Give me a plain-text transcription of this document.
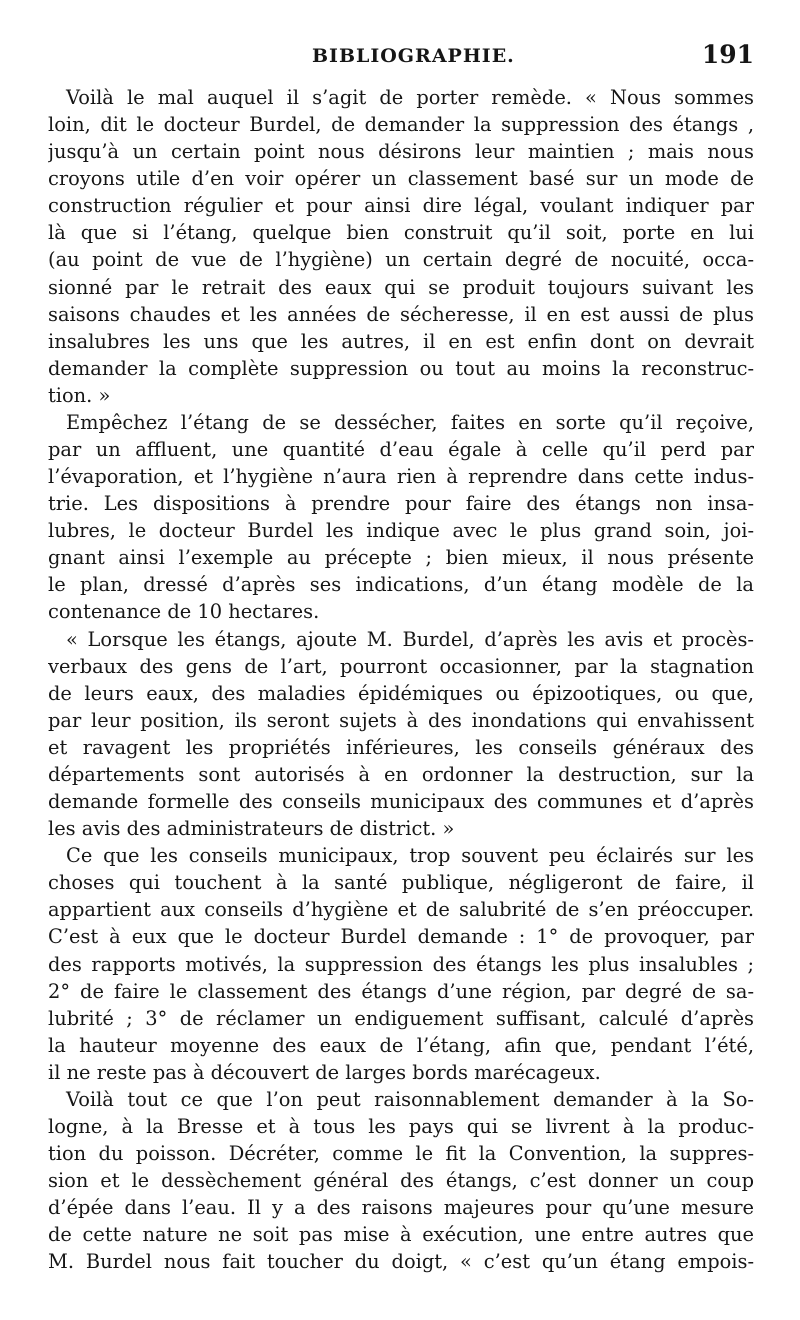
BIBLIOGRAPHIE.	191
Voilà le mal auquel il s’agit de porter remède. « Nous sommes
loin, dit le docteur Burdel, de demander la suppression des étangs ,
jusqu’à un certain point nous désirons leur maintien ; mais nous
croyons utile d’en voir opérer un classement basé sur un mode de
construction régulier et pour ainsi dire légal, voulant indiquer par
là que si l’étang, quelque bien construit qu’il soit, porte en lui
(au point de vue de l’hygiène) un certain degré de nocuité, occa-
sionné par le retrait des eaux qui se produit toujours suivant les
saisons chaudes et les années de sécheresse, il en est aussi de plus
insalubres les uns que les autres, il en est enfin dont on devrait
demander la complète suppression ou tout au moins la reconstruc-
tion. »
Empêchez l’étang de se dessécher, faites en sorte qu’il reçoive,
par un affluent, une quantité d’eau égale à celle qu’il perd par
l’évaporation, et l’hygiène n’aura rien à reprendre dans cette indus-
trie. Les dispositions à prendre pour faire des étangs non insa-
lubres, le docteur Burdel les indique avec le plus grand soin, joi-
gnant ainsi l’exemple au précepte ; bien mieux, il nous présente
le plan, dressé d’après ses indications, d’un étang modèle de la
contenance de 10 hectares.
« Lorsque les étangs, ajoute M. Burdel, d’après les avis et procès-
verbaux des gens de l’art, pourront occasionner, par la stagnation
de leurs eaux, des maladies épidémiques ou épizootiques, ou que,
par leur position, ils seront sujets à des inondations qui envahissent
et ravagent les propriétés inférieures, les conseils généraux des
départements sont autorisés à en ordonner la destruction, sur la
demande formelle des conseils municipaux des communes et d’après
les avis des administrateurs de district. »
Ce que les conseils municipaux, trop souvent peu éclairés sur les
choses qui touchent à la santé publique, négligeront de faire, il
appartient aux conseils d’hygiène et de salubrité de s’en préoccuper.
C’est à eux que le docteur Burdel demande : 1° de provoquer, par
des rapports motivés, la suppression des étangs les plus insalubles ;
2° de faire le classement des étangs d’une région, par degré de sa-
lubrité ; 3° de réclamer un endiguement suffisant, calculé d’après
la hauteur moyenne des eaux de l’étang, afin que, pendant l’été,
il ne reste pas à découvert de larges bords marécageux.
Voilà tout ce que l’on peut raisonnablement demander à la So-
logne, à la Bresse et à tous les pays qui se livrent à la produc-
tion du poisson. Décréter, comme le fit la Convention, la suppres-
sion et le dessèchement général des étangs, c’est donner un coup
d’épée dans l’eau. Il y a des raisons majeures pour qu’une mesure
de cette nature ne soit pas mise à exécution, une entre autres que
M. Burdel nous fait toucher du doigt, « c’est qu’un étang empois-
